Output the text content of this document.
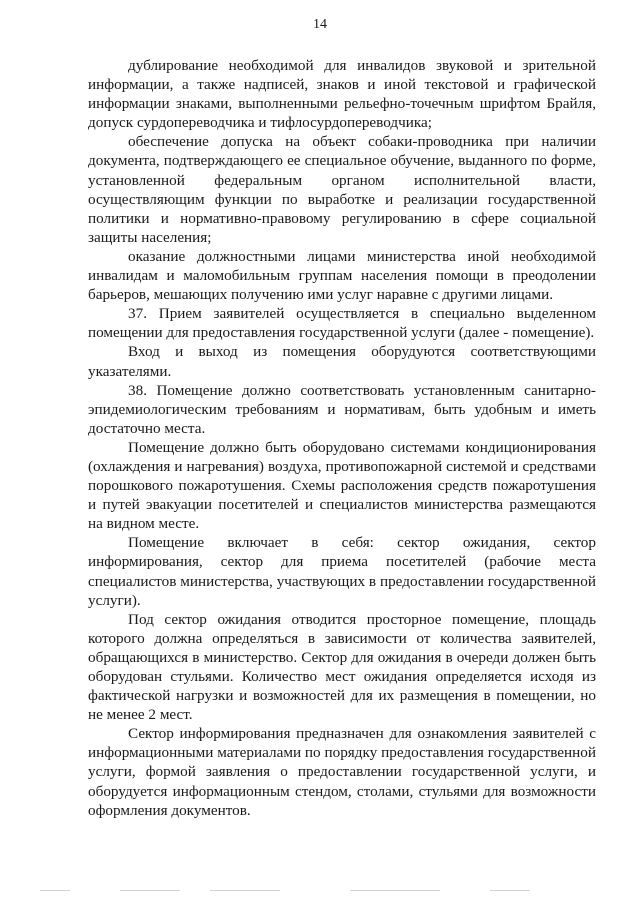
14

дублирование необходимой для инвалидов звуковой и зрительной информации, а также надписей, знаков и иной текстовой и графической информации знаками, выполненными рельефно-точечным шрифтом Брайля, допуск сурдопереводчика и тифлосурдопереводчика;

обеспечение допуска на объект собаки-проводника при наличии документа, подтверждающего ее специальное обучение, выданного по форме, установленной федеральным органом исполнительной власти, осуществляющим функции по выработке и реализации государственной политики и нормативно-правовому регулированию в сфере социальной защиты населения;

оказание должностными лицами министерства иной необходимой инвалидам и маломобильным группам населения помощи в преодолении барьеров, мешающих получению ими услуг наравне с другими лицами.

37. Прием заявителей осуществляется в специально выделенном помещении для предоставления государственной услуги (далее - помещение).

Вход и выход из помещения оборудуются соответствующими указателями.

38. Помещение должно соответствовать установленным санитарно-эпидемиологическим требованиям и нормативам, быть удобным и иметь достаточно места.

Помещение должно быть оборудовано системами кондиционирования (охлаждения и нагревания) воздуха, противопожарной системой и средствами порошкового пожаротушения. Схемы расположения средств пожаротушения и путей эвакуации посетителей и специалистов министерства размещаются на видном месте.

Помещение включает в себя: сектор ожидания, сектор информирования, сектор для приема посетителей (рабочие места специалистов министерства, участвующих в предоставлении государственной услуги).

Под сектор ожидания отводится просторное помещение, площадь которого должна определяться в зависимости от количества заявителей, обращающихся в министерство. Сектор для ожидания в очереди должен быть оборудован стульями. Количество мест ожидания определяется исходя из фактической нагрузки и возможностей для их размещения в помещении, но не менее 2 мест.

Сектор информирования предназначен для ознакомления заявителей с информационными материалами по порядку предоставления государственной услуги, формой заявления о предоставлении государственной услуги, и оборудуется информационным стендом, столами, стульями для возможности оформления документов.
